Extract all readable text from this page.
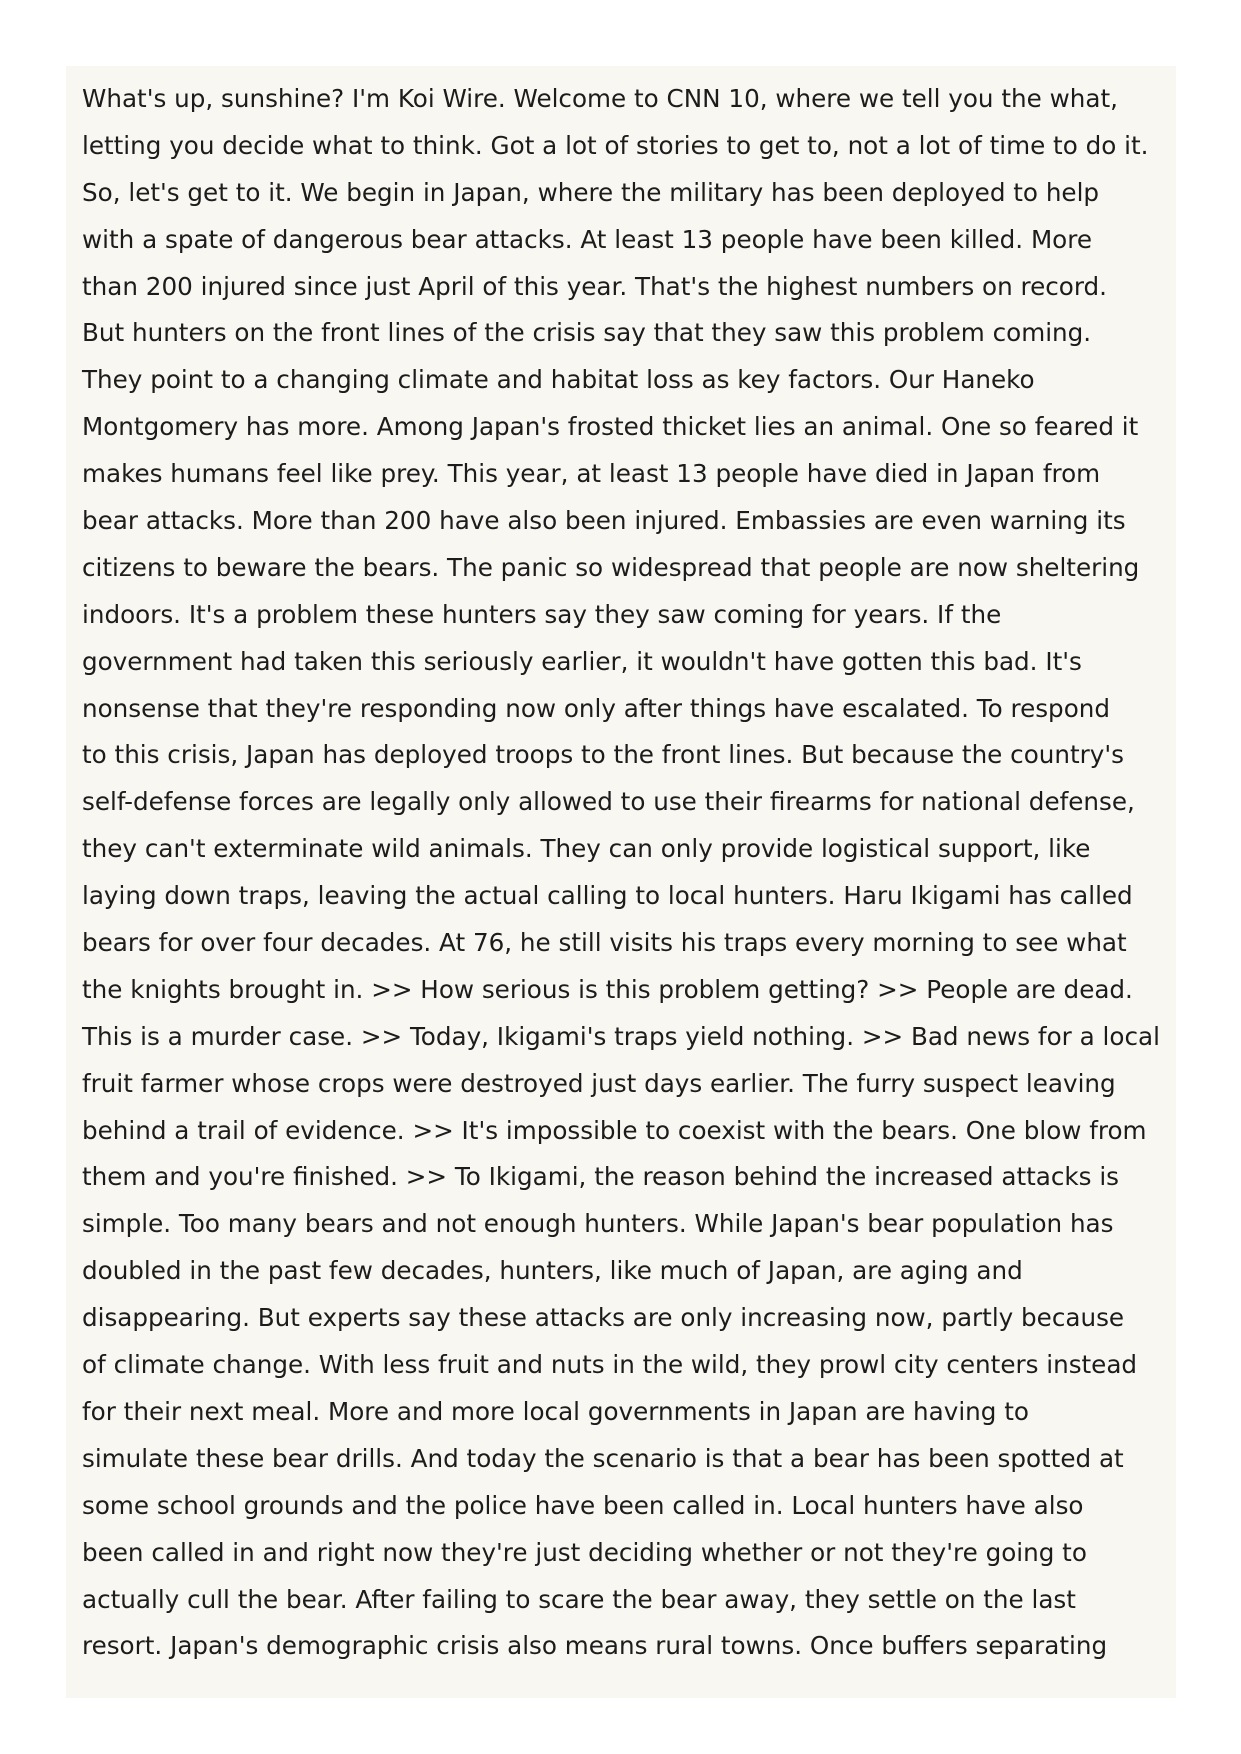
What's up, sunshine? I'm Koi Wire. Welcome to CNN 10, where we tell you the what,
letting you decide what to think. Got a lot of stories to get to, not a lot of time to do it.
So, let's get to it. We begin in Japan, where the military has been deployed to help
with a spate of dangerous bear attacks. At least 13 people have been killed. More
than 200 injured since just April of this year. That's the highest numbers on record.
But hunters on the front lines of the crisis say that they saw this problem coming.
They point to a changing climate and habitat loss as key factors. Our Haneko
Montgomery has more. Among Japan's frosted thicket lies an animal. One so feared it
makes humans feel like prey. This year, at least 13 people have died in Japan from
bear attacks. More than 200 have also been injured. Embassies are even warning its
citizens to beware the bears. The panic so widespread that people are now sheltering
indoors. It's a problem these hunters say they saw coming for years. If the
government had taken this seriously earlier, it wouldn't have gotten this bad. It's
nonsense that they're responding now only after things have escalated. To respond
to this crisis, Japan has deployed troops to the front lines. But because the country's
self-defense forces are legally only allowed to use their firearms for national defense,
they can't exterminate wild animals. They can only provide logistical support, like
laying down traps, leaving the actual calling to local hunters. Haru Ikigami has called
bears for over four decades. At 76, he still visits his traps every morning to see what
the knights brought in. >> How serious is this problem getting? >> People are dead.
This is a murder case. >> Today, Ikigami's traps yield nothing. >> Bad news for a local
fruit farmer whose crops were destroyed just days earlier. The furry suspect leaving
behind a trail of evidence. >> It's impossible to coexist with the bears. One blow from
them and you're finished. >> To Ikigami, the reason behind the increased attacks is
simple. Too many bears and not enough hunters. While Japan's bear population has
doubled in the past few decades, hunters, like much of Japan, are aging and
disappearing. But experts say these attacks are only increasing now, partly because
of climate change. With less fruit and nuts in the wild, they prowl city centers instead
for their next meal. More and more local governments in Japan are having to
simulate these bear drills. And today the scenario is that a bear has been spotted at
some school grounds and the police have been called in. Local hunters have also
been called in and right now they're just deciding whether or not they're going to
actually cull the bear. After failing to scare the bear away, they settle on the last
resort. Japan's demographic crisis also means rural towns. Once buffers separating
